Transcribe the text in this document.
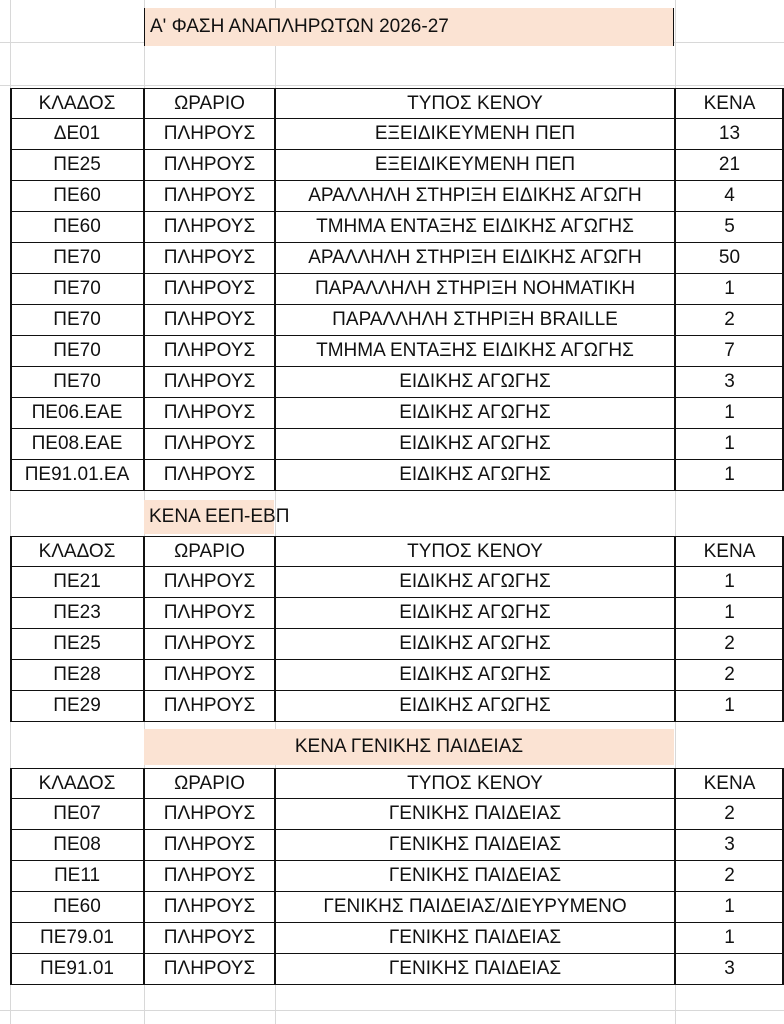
Α' ΦΑΣΗ ΑΝΑΠΛΗΡΩΤΩΝ 2026-27
ΚΛΑΔΟΣ	ΩΡΑΡΙΟ	ΤΥΠΟΣ ΚΕΝΟΥ	ΚΕΝΑ
ΔΕ01	ΠΛΗΡΟΥΣ	ΕΞΕΙΔΙΚΕΥΜΕΝΗ ΠΕΠ	13
ΠΕ25	ΠΛΗΡΟΥΣ	ΕΞΕΙΔΙΚΕΥΜΕΝΗ ΠΕΠ	21
ΠΕ60	ΠΛΗΡΟΥΣ	ΑΡΑΛΛΗΛΗ ΣΤΗΡΙΞΗ ΕΙΔΙΚΗΣ ΑΓΩΓΗ	4
ΠΕ60	ΠΛΗΡΟΥΣ	ΤΜΗΜΑ ΕΝΤΑΞΗΣ ΕΙΔΙΚΗΣ ΑΓΩΓΗΣ	5
ΠΕ70	ΠΛΗΡΟΥΣ	ΑΡΑΛΛΗΛΗ ΣΤΗΡΙΞΗ ΕΙΔΙΚΗΣ ΑΓΩΓΗ	50
ΠΕ70	ΠΛΗΡΟΥΣ	ΠΑΡΑΛΛΗΛΗ ΣΤΗΡΙΞΗ ΝΟΗΜΑΤΙΚΗ	1
ΠΕ70	ΠΛΗΡΟΥΣ	ΠΑΡΑΛΛΗΛΗ ΣΤΗΡΙΞΗ BRAILLE	2
ΠΕ70	ΠΛΗΡΟΥΣ	ΤΜΗΜΑ ΕΝΤΑΞΗΣ ΕΙΔΙΚΗΣ ΑΓΩΓΗΣ	7
ΠΕ70	ΠΛΗΡΟΥΣ	ΕΙΔΙΚΗΣ ΑΓΩΓΗΣ	3
ΠΕ06.ΕΑΕ	ΠΛΗΡΟΥΣ	ΕΙΔΙΚΗΣ ΑΓΩΓΗΣ	1
ΠΕ08.ΕΑΕ	ΠΛΗΡΟΥΣ	ΕΙΔΙΚΗΣ ΑΓΩΓΗΣ	1
ΠΕ91.01.ΕΑ	ΠΛΗΡΟΥΣ	ΕΙΔΙΚΗΣ ΑΓΩΓΗΣ	1
ΚΕΝΑ ΕΕΠ-ΕΒΠ
ΚΛΑΔΟΣ	ΩΡΑΡΙΟ	ΤΥΠΟΣ ΚΕΝΟΥ	ΚΕΝΑ
ΠΕ21	ΠΛΗΡΟΥΣ	ΕΙΔΙΚΗΣ ΑΓΩΓΗΣ	1
ΠΕ23	ΠΛΗΡΟΥΣ	ΕΙΔΙΚΗΣ ΑΓΩΓΗΣ	1
ΠΕ25	ΠΛΗΡΟΥΣ	ΕΙΔΙΚΗΣ ΑΓΩΓΗΣ	2
ΠΕ28	ΠΛΗΡΟΥΣ	ΕΙΔΙΚΗΣ ΑΓΩΓΗΣ	2
ΠΕ29	ΠΛΗΡΟΥΣ	ΕΙΔΙΚΗΣ ΑΓΩΓΗΣ	1
ΚΕΝΑ ΓΕΝΙΚΗΣ ΠΑΙΔΕΙΑΣ
ΚΛΑΔΟΣ	ΩΡΑΡΙΟ	ΤΥΠΟΣ ΚΕΝΟΥ	ΚΕΝΑ
ΠΕ07	ΠΛΗΡΟΥΣ	ΓΕΝΙΚΗΣ ΠΑΙΔΕΙΑΣ	2
ΠΕ08	ΠΛΗΡΟΥΣ	ΓΕΝΙΚΗΣ ΠΑΙΔΕΙΑΣ	3
ΠΕ11	ΠΛΗΡΟΥΣ	ΓΕΝΙΚΗΣ ΠΑΙΔΕΙΑΣ	2
ΠΕ60	ΠΛΗΡΟΥΣ	ΓΕΝΙΚΗΣ ΠΑΙΔΕΙΑΣ/ΔΙΕΥΡΥΜΕΝΟ	1
ΠΕ79.01	ΠΛΗΡΟΥΣ	ΓΕΝΙΚΗΣ ΠΑΙΔΕΙΑΣ	1
ΠΕ91.01	ΠΛΗΡΟΥΣ	ΓΕΝΙΚΗΣ ΠΑΙΔΕΙΑΣ	3
